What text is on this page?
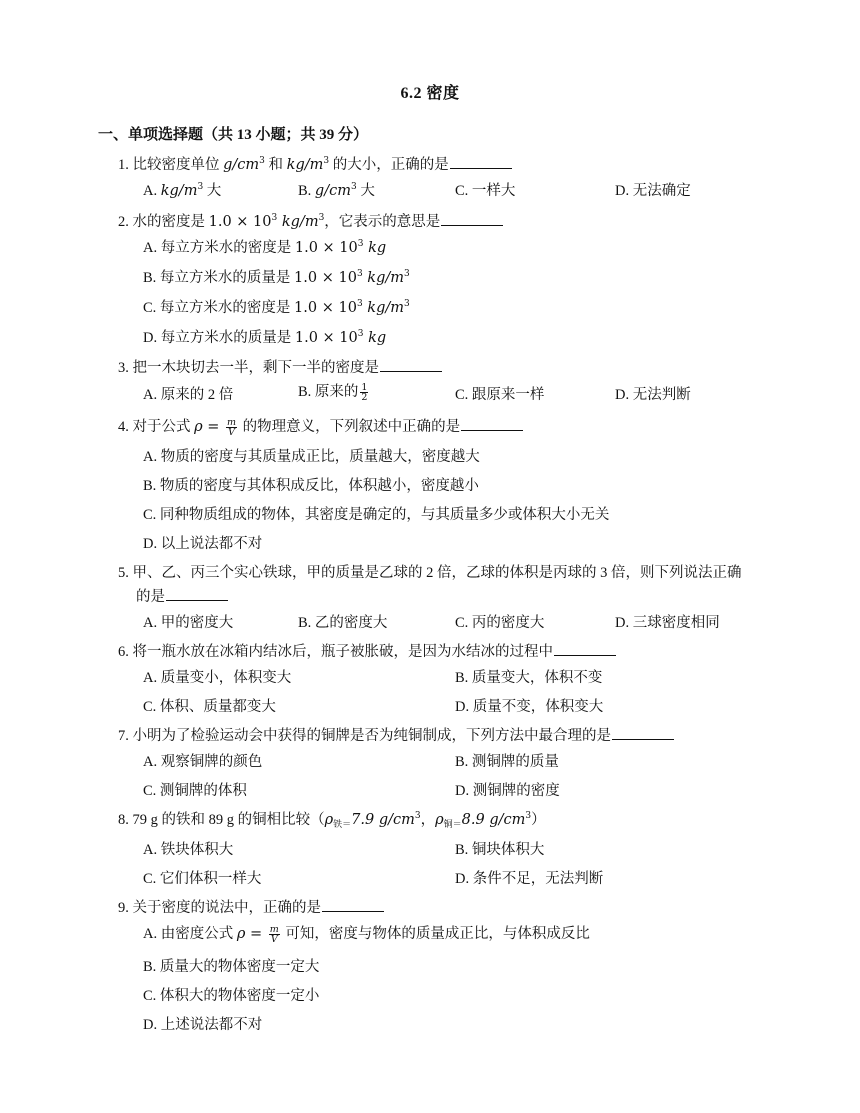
6.2 密度
一、单项选择题（共 13 小题；共 39 分）
1. 比较密度单位 $g/cm^3$ 和 $kg/m^3$ 的大小，正确的是
A. $kg/m^3$ 大	B. $g/cm^3$ 大	C. 一样大	D. 无法确定
2. 水的密度是 $1.0 \times 10^3$ $kg/m^3$，它表示的意思是
A. 每立方米水的密度是 $1.0 \times 10^3$ kg
B. 每立方米水的质量是 $1.0 \times 10^3$ $kg/m^3$
C. 每立方米水的密度是 $1.0 \times 10^3$ $kg/m^3$
D. 每立方米水的质量是 $1.0 \times 10^3$ kg
3. 把一木块切去一半，剩下一半的密度是
A. 原来的 2 倍	B. 原来的 $\frac{1}{2}$	C. 跟原来一样	D. 无法判断
4. 对于公式 $\rho = \frac{m}{V}$ 的物理意义，下列叙述中正确的是
A. 物质的密度与其质量成正比，质量越大，密度越大
B. 物质的密度与其体积成反比，体积越小，密度越小
C. 同种物质组成的物体，其密度是确定的，与其质量多少或体积大小无关
D. 以上说法都不对
5. 甲、乙、丙三个实心铁球，甲的质量是乙球的 2 倍，乙球的体积是丙球的 3 倍，则下列说法正确
的是
A. 甲的密度大	B. 乙的密度大	C. 丙的密度大	D. 三球密度相同
6. 将一瓶水放在冰箱内结冰后，瓶子被胀破，是因为水结冰的过程中
A. 质量变小，体积变大	B. 质量变大，体积不变
C. 体积、质量都变大	D. 质量不变，体积变大
7. 小明为了检验运动会中获得的铜牌是否为纯铜制成，下列方法中最合理的是
A. 观察铜牌的颜色	B. 测铜牌的质量
C. 测铜牌的体积	D. 测铜牌的密度
8. 79 g 的铁和 89 g 的铜相比较（$\rho_{铁=}7.9$ $g/cm^3$，$\rho_{铜=}8.9$ $g/cm^3$）
A. 铁块体积大	B. 铜块体积大
C. 它们体积一样大	D. 条件不足，无法判断
9. 关于密度的说法中，正确的是
A. 由密度公式 $\rho = \frac{m}{V}$ 可知，密度与物体的质量成正比，与体积成反比
B. 质量大的物体密度一定大
C. 体积大的物体密度一定小
D. 上述说法都不对
